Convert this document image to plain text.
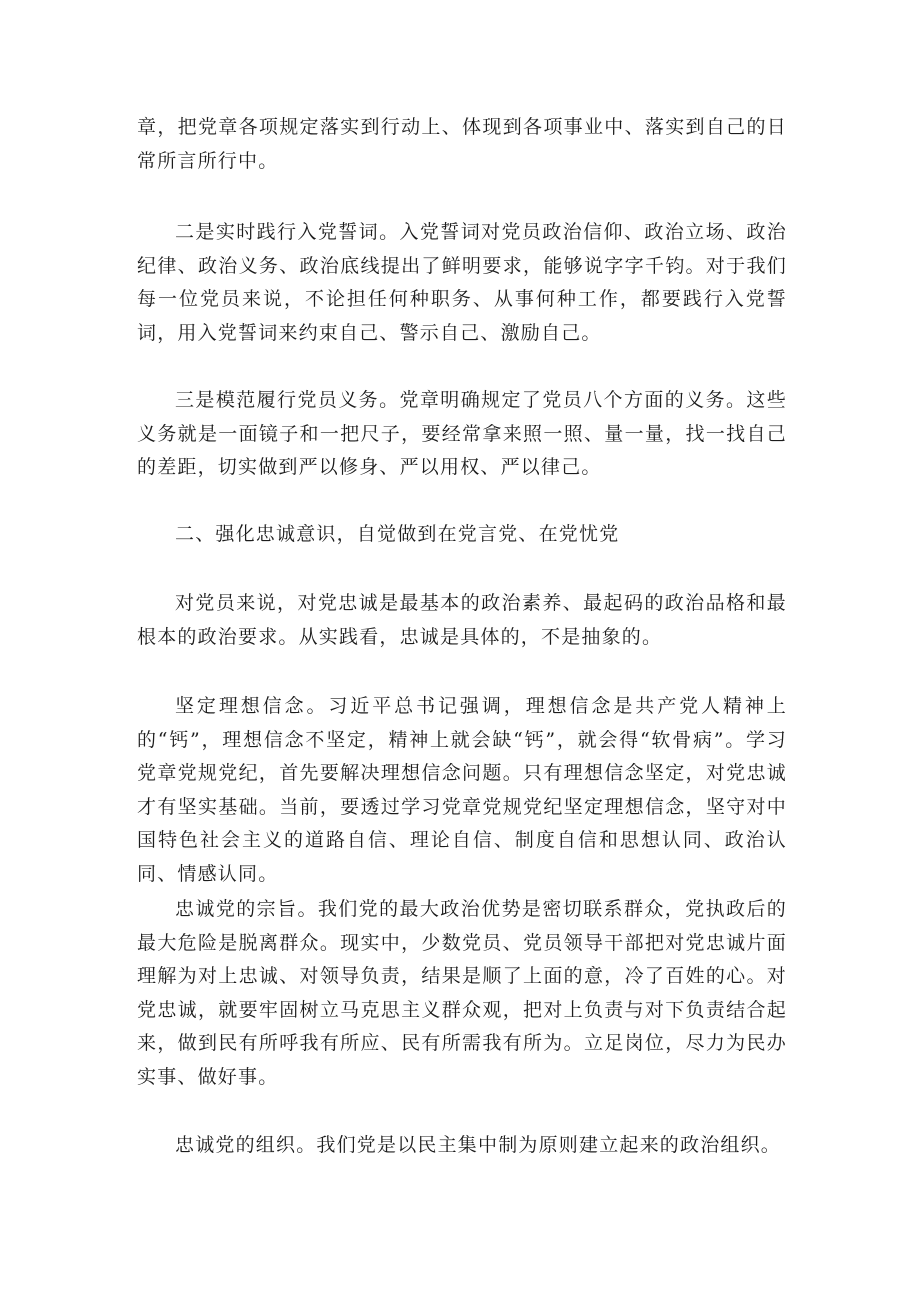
章，把党章各项规定落实到行动上、体现到各项事业中、落实到自己的日常所言所行中。

二是实时践行入党誓词。入党誓词对党员政治信仰、政治立场、政治纪律、政治义务、政治底线提出了鲜明要求，能够说字字千钧。对于我们每一位党员来说，不论担任何种职务、从事何种工作，都要践行入党誓词，用入党誓词来约束自己、警示自己、激励自己。

三是模范履行党员义务。党章明确规定了党员八个方面的义务。这些义务就是一面镜子和一把尺子，要经常拿来照一照、量一量，找一找自己的差距，切实做到严以修身、严以用权、严以律己。

二、强化忠诚意识，自觉做到在党言党、在党忧党

对党员来说，对党忠诚是最基本的政治素养、最起码的政治品格和最根本的政治要求。从实践看，忠诚是具体的，不是抽象的。

坚定理想信念。习近平总书记强调，理想信念是共产党人精神上的“钙”，理想信念不坚定，精神上就会缺“钙”，就会得“软骨病”。学习党章党规党纪，首先要解决理想信念问题。只有理想信念坚定，对党忠诚才有坚实基础。当前，要透过学习党章党规党纪坚定理想信念，坚守对中国特色社会主义的道路自信、理论自信、制度自信和思想认同、政治认同、情感认同。

忠诚党的宗旨。我们党的最大政治优势是密切联系群众，党执政后的最大危险是脱离群众。现实中，少数党员、党员领导干部把对党忠诚片面理解为对上忠诚、对领导负责，结果是顺了上面的意，冷了百姓的心。对党忠诚，就要牢固树立马克思主义群众观，把对上负责与对下负责结合起来，做到民有所呼我有所应、民有所需我有所为。立足岗位，尽力为民办实事、做好事。

忠诚党的组织。我们党是以民主集中制为原则建立起来的政治组织。
